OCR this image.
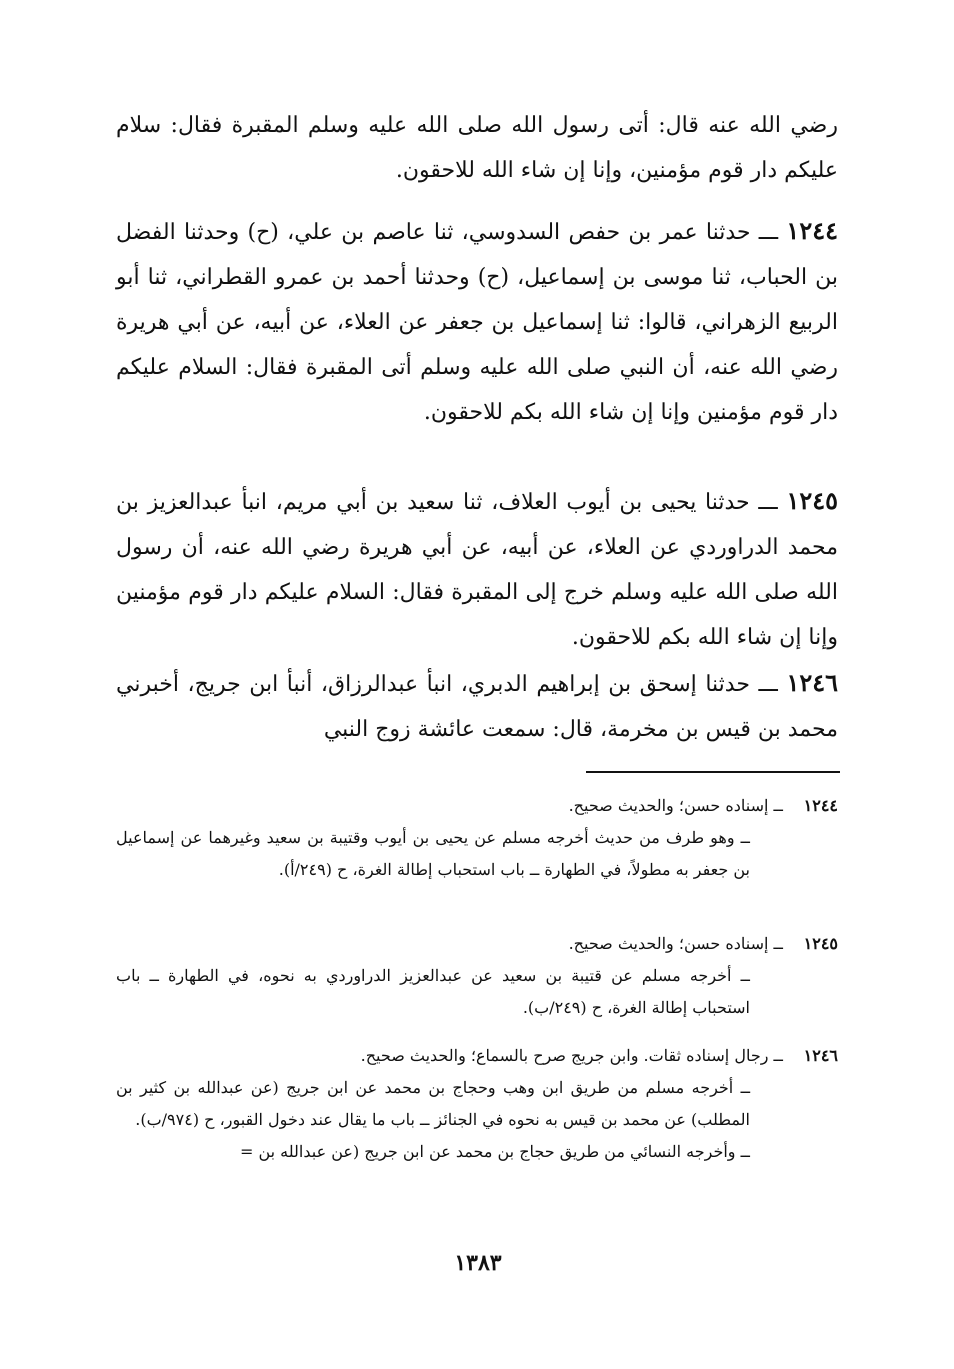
رضي الله عنه قال: أتى رسول الله صلى الله عليه وسلم المقبرة فقال: سلام عليكم دار قوم مؤمنين، وإنا إن شاء الله للاحقون.

١٢٤٤ ـــ حدثنا عمر بن حفص السدوسي، ثنا عاصم بن علي، (ح) وحدثنا الفضل بن الحباب، ثنا موسى بن إسماعيل، (ح) وحدثنا أحمد بن عمرو القطراني، ثنا أبو الربيع الزهراني، قالوا: ثنا إسماعيل بن جعفر عن العلاء، عن أبيه، عن أبي هريرة رضي الله عنه، أن النبي صلى الله عليه وسلم أتى المقبرة فقال: السلام عليكم دار قوم مؤمنين وإنا إن شاء الله بكم للاحقون.

١٢٤٥ ـــ حدثنا يحيى بن أيوب العلاف، ثنا سعيد بن أبي مريم، انبأ عبدالعزيز بن محمد الدراوردي عن العلاء، عن أبيه، عن أبي هريرة رضي الله عنه، أن رسول الله صلى الله عليه وسلم خرج إلى المقبرة فقال: السلام عليكم دار قوم مؤمنين وإنا إن شاء الله بكم للاحقون.

١٢٤٦ ـــ حدثنا إسحق بن إبراهيم الدبري، انبأ عبدالرزاق، أنبأ ابن جريج، أخبرني محمد بن قيس بن مخرمة، قال: سمعت عائشة زوج النبي

١٢٤٤ ــ إسناده حسن؛ والحديث صحيح.
ــ وهو طرف من حديث أخرجه مسلم عن يحيى بن أيوب وقتيبة بن سعيد وغيرهما عن إسماعيل بن جعفر به مطولاً، في الطهارة ــ باب استحباب إطالة الغرة، ح (٢٤٩/أ).
١٢٤٥ ــ إسناده حسن؛ والحديث صحيح.
ــ أخرجه مسلم عن قتيبة بن سعيد عن عبدالعزيز الدراوردي به نحوه، في الطهارة ــ باب استحباب إطالة الغرة، ح (٢٤٩/ب).
١٢٤٦ ــ رجال إسناده ثقات. وابن جريج صرح بالسماع؛ والحديث صحيح.
ــ أخرجه مسلم من طريق ابن وهب وحجاج بن محمد عن ابن جريج (عن عبدالله بن كثير بن المطلب) عن محمد بن قيس به نحوه في الجنائز ــ باب ما يقال عند دخول القبور، ح (٩٧٤/ب).
ــ وأخرجه النسائي من طريق حجاج بن محمد عن ابن جريج (عن عبدالله بن =
١٣٨٣
